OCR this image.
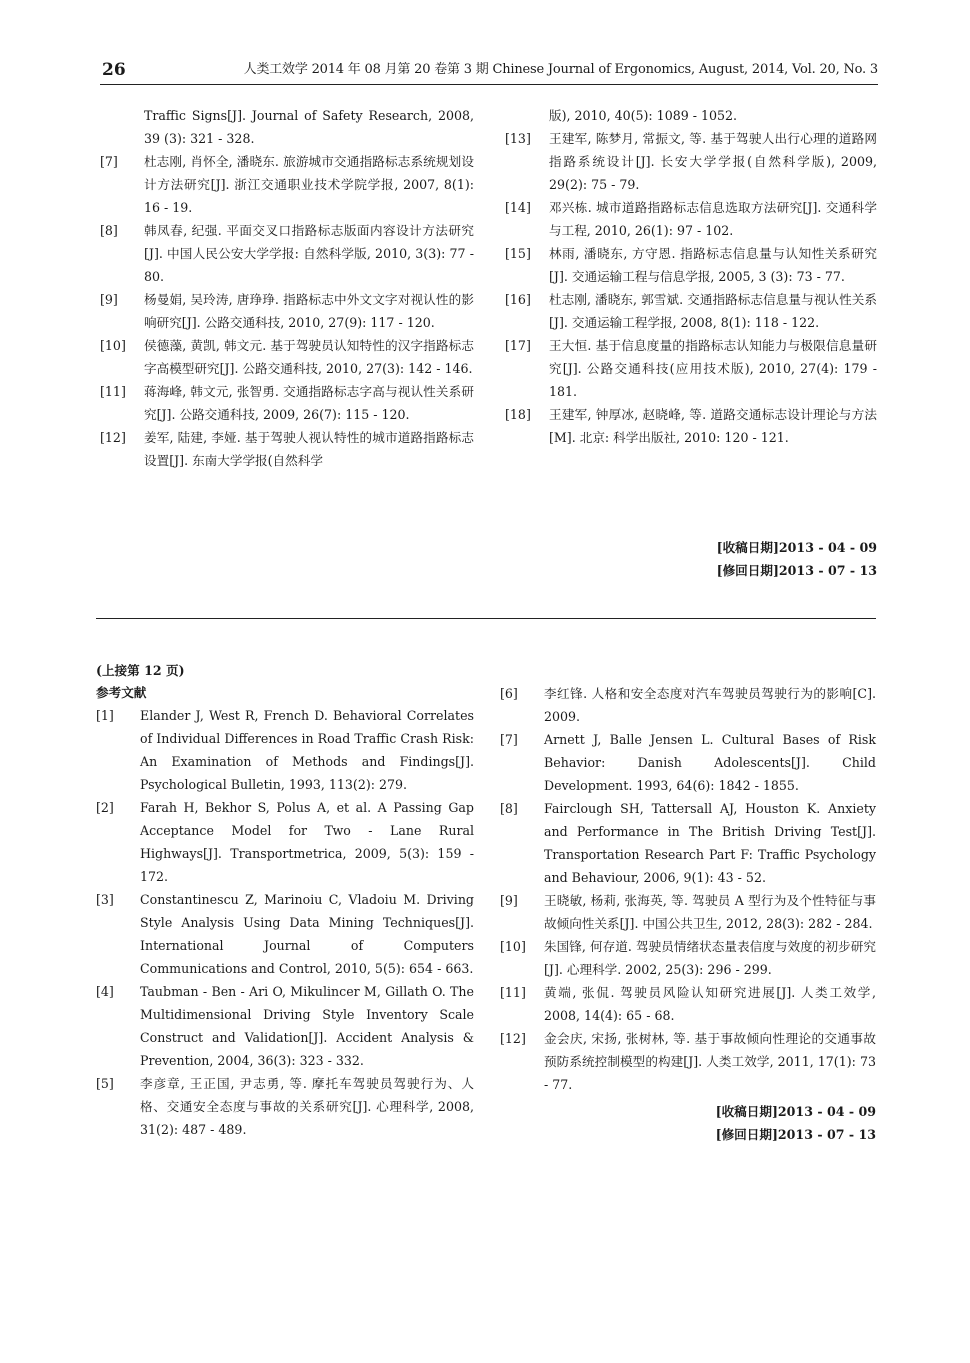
26	人类工效学 2014 年 08 月第 20 卷第 3 期 Chinese Journal of Ergonomics, August, 2014, Vol. 20, No. 3
Traffic Signs[J]. Journal of Safety Research, 2008, 39 (3): 321 - 328.
[7] 杜志刚, 肖怀全, 潘晓东. 旅游城市交通指路标志系统规划设计方法研究[J]. 浙江交通职业技术学院学报, 2007, 8(1): 16 - 19.
[8] 韩凤春, 纪强. 平面交叉口指路标志版面内容设计方法研究[J]. 中国人民公安大学学报: 自然科学版, 2010, 3(3): 77 - 80.
[9] 杨曼娟, 吴玲涛, 唐琤琤. 指路标志中外文文字对视认性的影响研究[J]. 公路交通科技, 2010, 27(9): 117 - 120.
[10] 侯德藻, 黄凯, 韩文元. 基于驾驶员认知特性的汉字指路标志字高模型研究[J]. 公路交通科技, 2010, 27(3): 142 - 146.
[11] 蒋海峰, 韩文元, 张智勇. 交通指路标志字高与视认性关系研究[J]. 公路交通科技, 2009, 26(7): 115 - 120.
[12] 姜军, 陆建, 李娅. 基于驾驶人视认特性的城市道路指路标志设置[J]. 东南大学学报(自然科学
版), 2010, 40(5): 1089 - 1052.
[13] 王建军, 陈梦月, 常振文, 等. 基于驾驶人出行心理的道路网指路系统设计[J]. 长安大学学报(自然科学版), 2009, 29(2): 75 - 79.
[14] 邓兴栋. 城市道路指路标志信息选取方法研究[J]. 交通科学与工程, 2010, 26(1): 97 - 102.
[15] 林雨, 潘晓东, 方守恩. 指路标志信息量与认知性关系研究[J]. 交通运输工程与信息学报, 2005, 3 (3): 73 - 77.
[16] 杜志刚, 潘晓东, 郭雪斌. 交通指路标志信息量与视认性关系[J]. 交通运输工程学报, 2008, 8(1): 118 - 122.
[17] 王大恒. 基于信息度量的指路标志认知能力与极限信息量研究[J]. 公路交通科技(应用技术版), 2010, 27(4): 179 - 181.
[18] 王建军, 钟厚冰, 赵晓峰, 等. 道路交通标志设计理论与方法[M]. 北京: 科学出版社, 2010: 120 - 121.
[收稿日期]2013 - 04 - 09
[修回日期]2013 - 07 - 13
(上接第 12 页)
参考文献
[1] Elander J, West R, French D. Behavioral Correlates of Individual Differences in Road Traffic Crash Risk: An Examination of Methods and Findings[J]. Psychological Bulletin, 1993, 113(2): 279.
[2] Farah H, Bekhor S, Polus A, et al. A Passing Gap Acceptance Model for Two - Lane Rural Highways[J]. Transportmetrica, 2009, 5(3): 159 - 172.
[3] Constantinescu Z, Marinoiu C, Vladoiu M. Driving Style Analysis Using Data Mining Techniques[J]. International Journal of Computers Communications and Control, 2010, 5(5): 654 - 663.
[4] Taubman - Ben - Ari O, Mikulincer M, Gillath O. The Multidimensional Driving Style Inventory Scale Construct and Validation[J]. Accident Analysis & Prevention, 2004, 36(3): 323 - 332.
[5] 李彦章, 王正国, 尹志勇, 等. 摩托车驾驶员驾驶行为、人格、交通安全态度与事故的关系研究[J]. 心理科学, 2008, 31(2): 487 - 489.
[6] 李红锋. 人格和安全态度对汽车驾驶员驾驶行为的影响[C]. 2009.
[7] Arnett J, Balle Jensen L. Cultural Bases of Risk Behavior: Danish Adolescents[J]. Child Development. 1993, 64(6): 1842 - 1855.
[8] Fairclough SH, Tattersall AJ, Houston K. Anxiety and Performance in The British Driving Test[J]. Transportation Research Part F: Traffic Psychology and Behaviour, 2006, 9(1): 43 - 52.
[9] 王晓敏, 杨莉, 张海英, 等. 驾驶员 A 型行为及个性特征与事故倾向性关系[J]. 中国公共卫生, 2012, 28(3): 282 - 284.
[10] 朱国锋, 何存道. 驾驶员情绪状态量表信度与效度的初步研究[J]. 心理科学. 2002, 25(3): 296 - 299.
[11] 黄端, 张侃. 驾驶员风险认知研究进展[J]. 人类工效学, 2008, 14(4): 65 - 68.
[12] 金会庆, 宋扬, 张树林, 等. 基于事故倾向性理论的交通事故预防系统控制模型的构建[J]. 人类工效学, 2011, 17(1): 73 - 77.
[收稿日期]2013 - 04 - 09
[修回日期]2013 - 07 - 13
